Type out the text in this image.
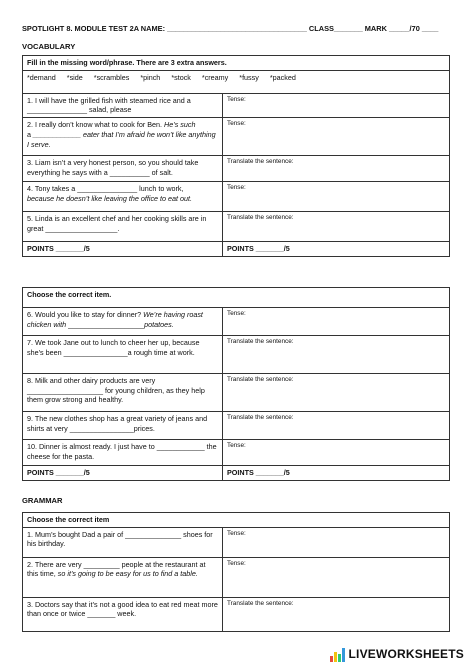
SPOTLIGHT 8. MODULE TEST 2A NAME: __________________________________ CLASS_______ MARK _____/70 ____
VOCABULARY
Fill in the missing word/phrase. There are 3 extra answers.	
*demand *side *scrambles *pinch *stock *creamy *fussy *packed	
1. I will have the grilled fish with steamed rice and a
_______________ salad, please	Tense:
2. I really don’t know what to cook for Ben. He’s such
a ____________ eater that I’m afraid he won’t like anything I serve.	Tense:
3. Liam isn’t a very honest person, so you should take everything he says with a __________ of salt.	Translate the sentence:
4. Tony takes a _______________ lunch to work,
because he doesn’t like leaving the office to eat out.	Tense:
5. Linda is an excellent chef and her cooking skills are in great __________________.	Translate the sentence:
POINTS _______/5	POINTS _______/5
Choose the correct item.	
6. Would you like to stay for dinner? We’re having roast chicken with ___________________potatoes.	Tense:
7. We took Jane out to lunch to cheer her up, because she’s been ________________a rough time at work.	Translate the sentence:
8. Milk and other dairy products are very ___________________ for young children, as they help them grow strong and healthy.	Translate the sentence:
9. The new clothes shop has a great variety of jeans and shirts at very ________________prices.	Translate the sentence:
10. Dinner is almost ready. I just have to ____________ the cheese for the pasta.	Tense:
POINTS _______/5	POINTS _______/5
GRAMMAR
Choose the correct item	
1. Mum’s bought Dad a pair of ______________ shoes for his birthday.	Tense:
2. There are very _________ people at the restaurant at this time, so it’s going to be easy for us to find a table.	Tense:
3. Doctors say that it’s not a good idea to eat red meat more than once or twice _______ week.	Translate the sentence:
LIVEWORKSHEETS
